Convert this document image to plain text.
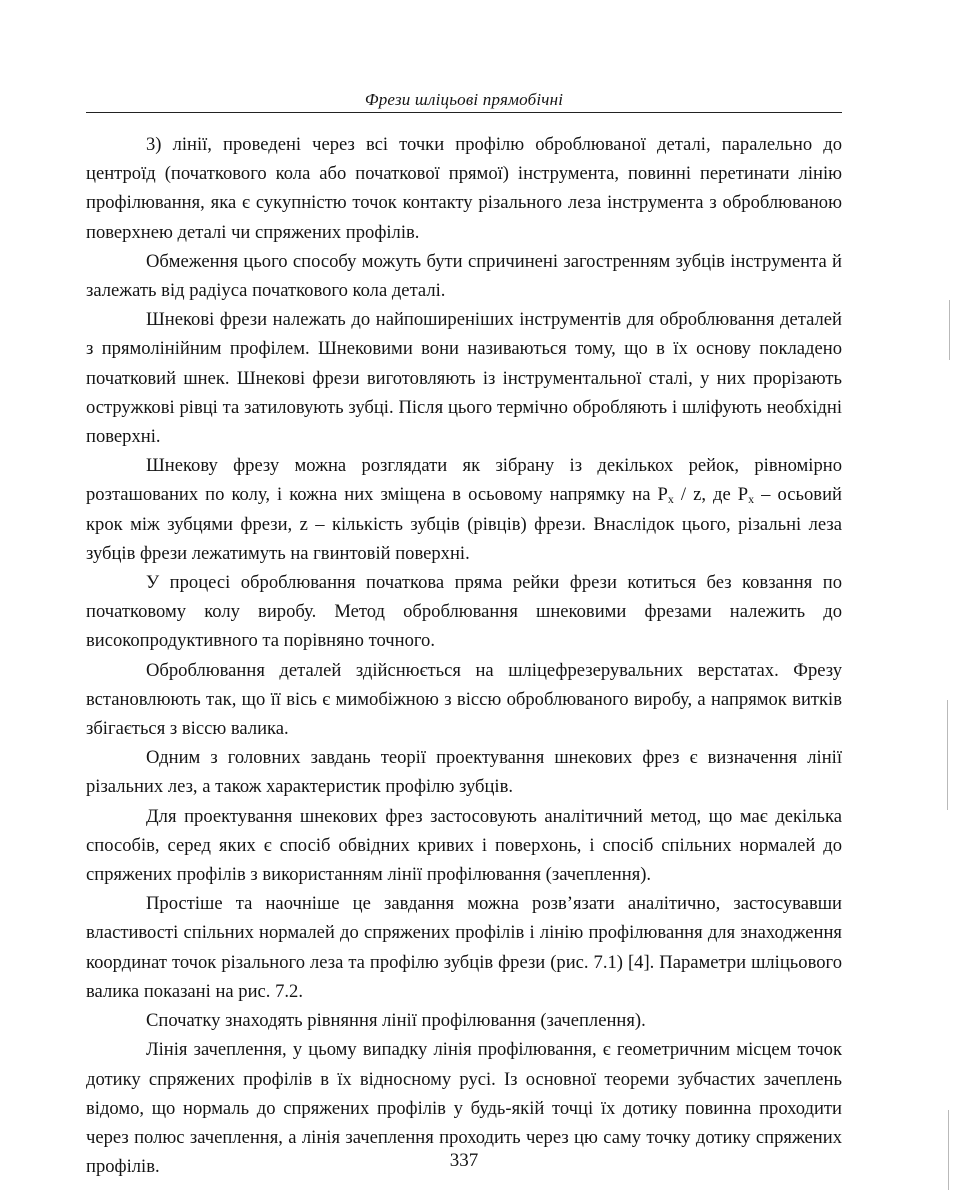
Фрези шліцьові прямобічні

3) лінії, проведені через всі точки профілю оброблюваної деталі, паралельно до центроїд (початкового кола або початкової прямої) інструмента, повинні перетинати лінію профілювання, яка є сукупністю точок контакту різального леза інструмента з оброблюваною поверхнею деталі чи спряжених профілів.

Обмеження цього способу можуть бути спричинені загостренням зубців інструмента й залежать від радіуса початкового кола деталі.

Шнекові фрези належать до найпоширеніших інструментів для оброблювання деталей з прямолінійним профілем. Шнековими вони називаються тому, що в їх основу покладено початковий шнек. Шнекові фрези виготовляють із інструментальної сталі, у них прорізають остружкові рівці та затиловують зубці. Після цього термічно обробляють і шліфують необхідні поверхні.

Шнекову фрезу можна розглядати як зібрану із декількох рейок, рівномірно розташованих по колу, і кожна них зміщена в осьовому напрямку на $P_x$ / z, де $P_x$ – осьовий крок між зубцями фрези, z – кількість зубців (рівців) фрези. Внаслідок цього, різальні леза зубців фрези лежатимуть на гвинтовій поверхні.

У процесі оброблювання початкова пряма рейки фрези котиться без ковзання по початковому колу виробу. Метод оброблювання шнековими фрезами належить до високопродуктивного та порівняно точного.

Оброблювання деталей здійснюється на шліцефрезерувальних верстатах. Фрезу встановлюють так, що її вісь є мимобіжною з віссю оброблюваного виробу, а напрямок витків збігається з віссю валика.

Одним з головних завдань теорії проектування шнекових фрез є визначення лінії різальних лез, а також характеристик профілю зубців.

Для проектування шнекових фрез застосовують аналітичний метод, що має декілька способів, серед яких є спосіб обвідних кривих і поверхонь, і спосіб спільних нормалей до спряжених профілів з використанням лінії профілювання (зачеплення).

Простіше та наочніше це завдання можна розв’язати аналітично, застосувавши властивості спільних нормалей до спряжених профілів і лінію профілювання для знаходження координат точок різального леза та профілю зубців фрези (рис. 7.1) [4]. Параметри шліцьового валика показані на рис. 7.2.

Спочатку знаходять рівняння лінії профілювання (зачеплення).

Лінія зачеплення, у цьому випадку лінія профілювання, є геометричним місцем точок дотику спряжених профілів в їх відносному русі. Із основної теореми зубчастих зачеплень відомо, що нормаль до спряжених профілів у будь-якій точці їх дотику повинна проходити через полюс зачеплення, а лінія зачеплення проходить через цю саму точку дотику спряжених профілів.	337
